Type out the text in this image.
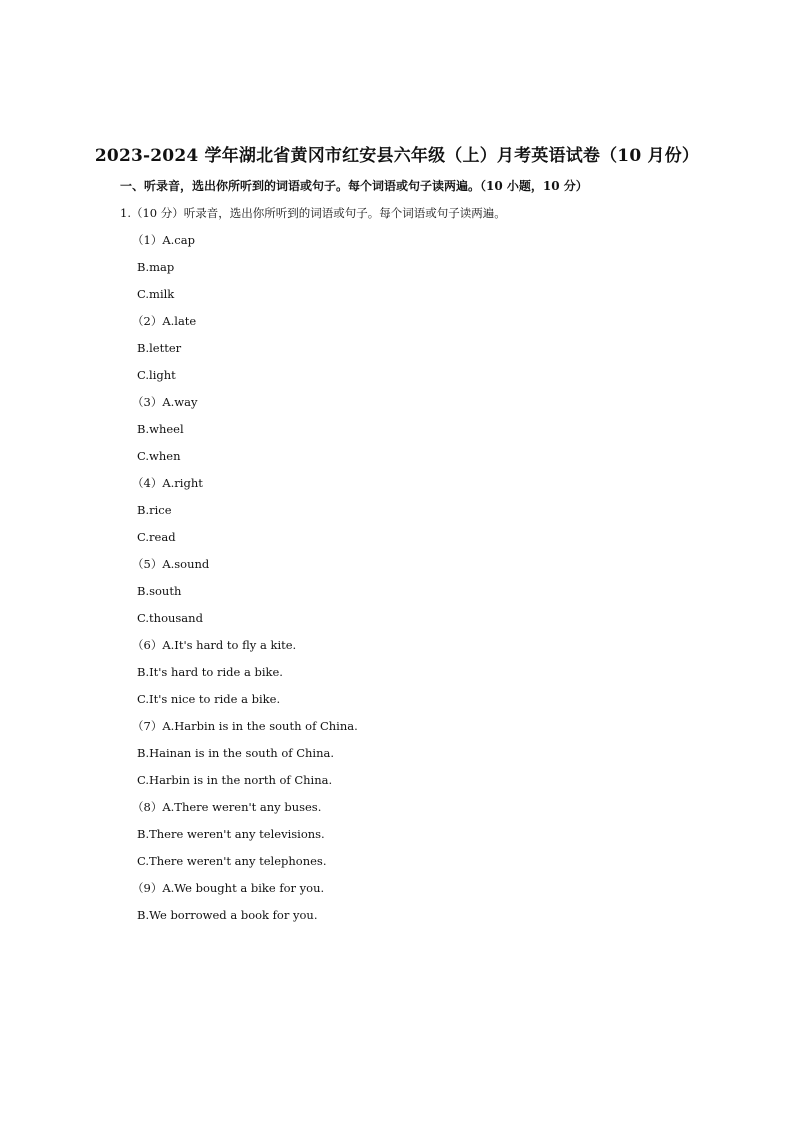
2023-2024 学年湖北省黄冈市红安县六年级（上）月考英语试卷（10 月份）
一、听录音，选出你所听到的词语或句子。每个词语或句子读两遍。（10 小题，10 分）
1.（10 分）听录音，选出你所听到的词语或句子。每个词语或句子读两遍。
（1）A.cap
B.map
C.milk
（2）A.late
B.letter
C.light
（3）A.way
B.wheel
C.when
（4）A.right
B.rice
C.read
（5）A.sound
B.south
C.thousand
（6）A.It's hard to fly a kite.
B.It's hard to ride a bike.
C.It's nice to ride a bike.
（7）A.Harbin is in the south of China.
B.Hainan is in the south of China.
C.Harbin is in the north of China.
（8）A.There weren't any buses.
B.There weren't any televisions.
C.There weren't any telephones.
（9）A.We bought a bike for you.
B.We borrowed a book for you.
